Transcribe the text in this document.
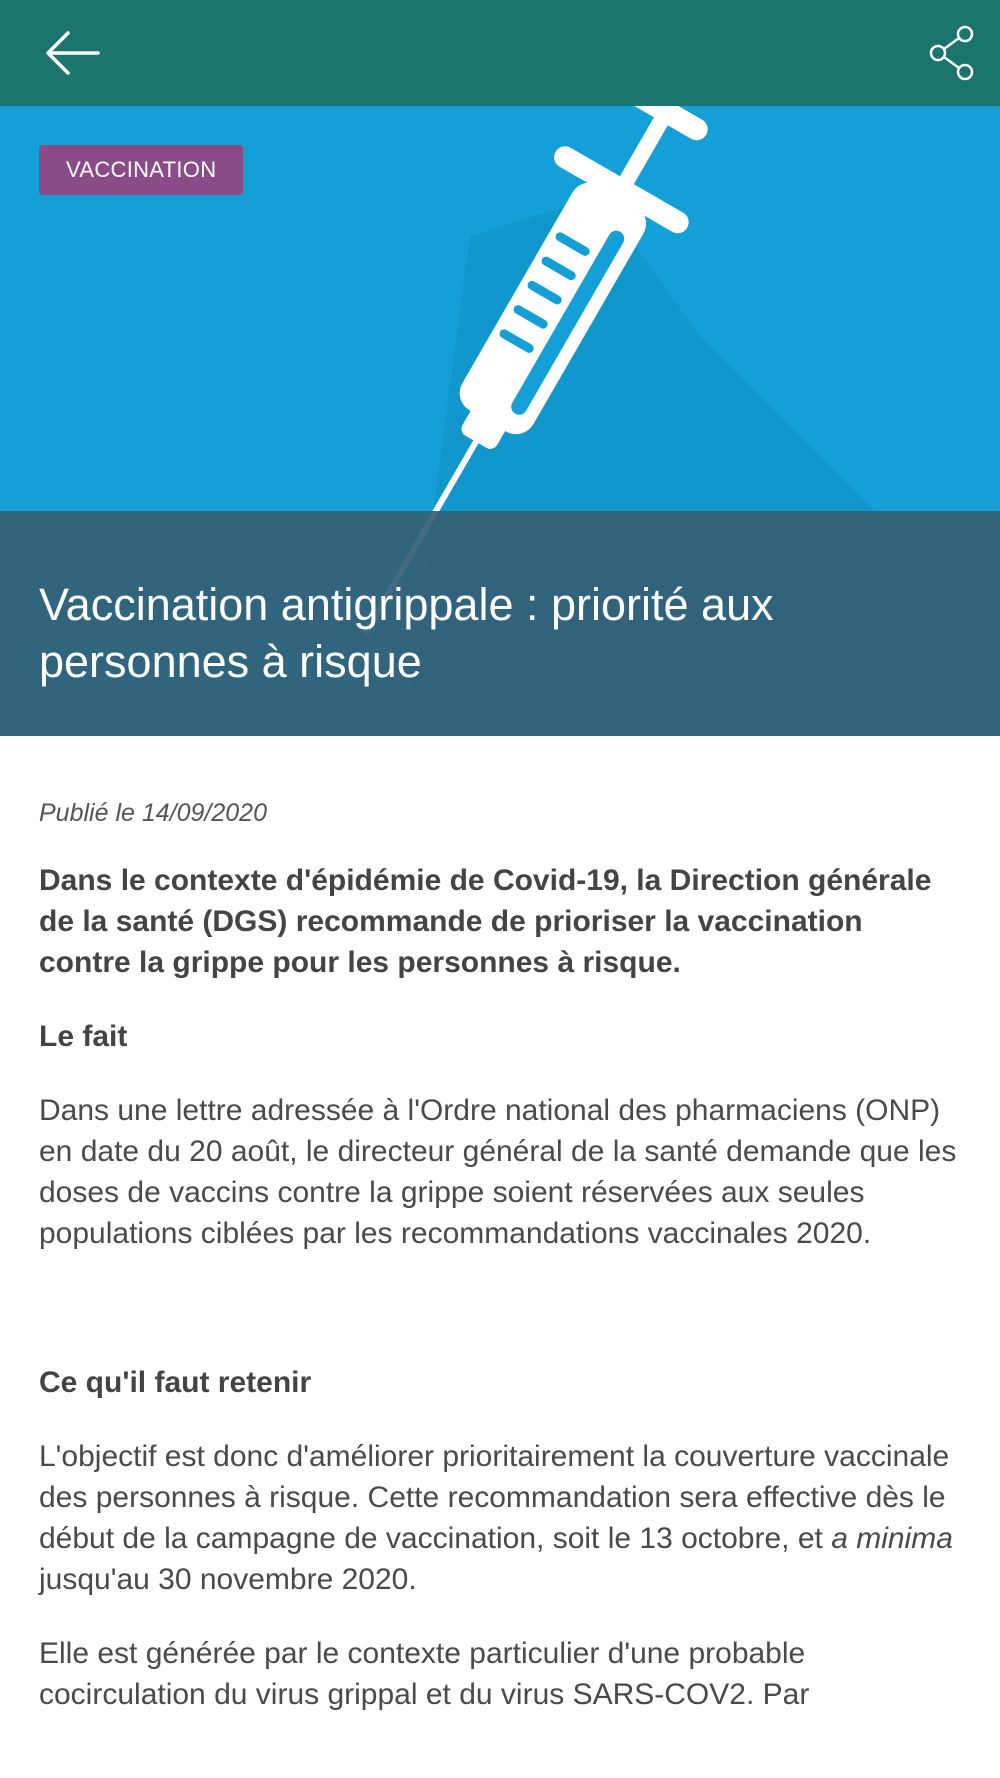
VACCINATION
Vaccination antigrippale : priorité aux personnes à risque

Publié le 14/09/2020

Dans le contexte d'épidémie de Covid-19, la Direction générale de la santé (DGS) recommande de prioriser la vaccination contre la grippe pour les personnes à risque.

Le fait

Dans une lettre adressée à l'Ordre national des pharmaciens (ONP) en date du 20 août, le directeur général de la santé demande que les doses de vaccins contre la grippe soient réservées aux seules populations ciblées par les recommandations vaccinales 2020.

Ce qu'il faut retenir

L'objectif est donc d'améliorer prioritairement la couverture vaccinale des personnes à risque. Cette recommandation sera effective dès le début de la campagne de vaccination, soit le 13 octobre, et a minima  jusqu'au 30 novembre 2020.

Elle est générée par le contexte particulier d'une probable cocirculation du virus grippal et du virus SARS-COV2. Par
